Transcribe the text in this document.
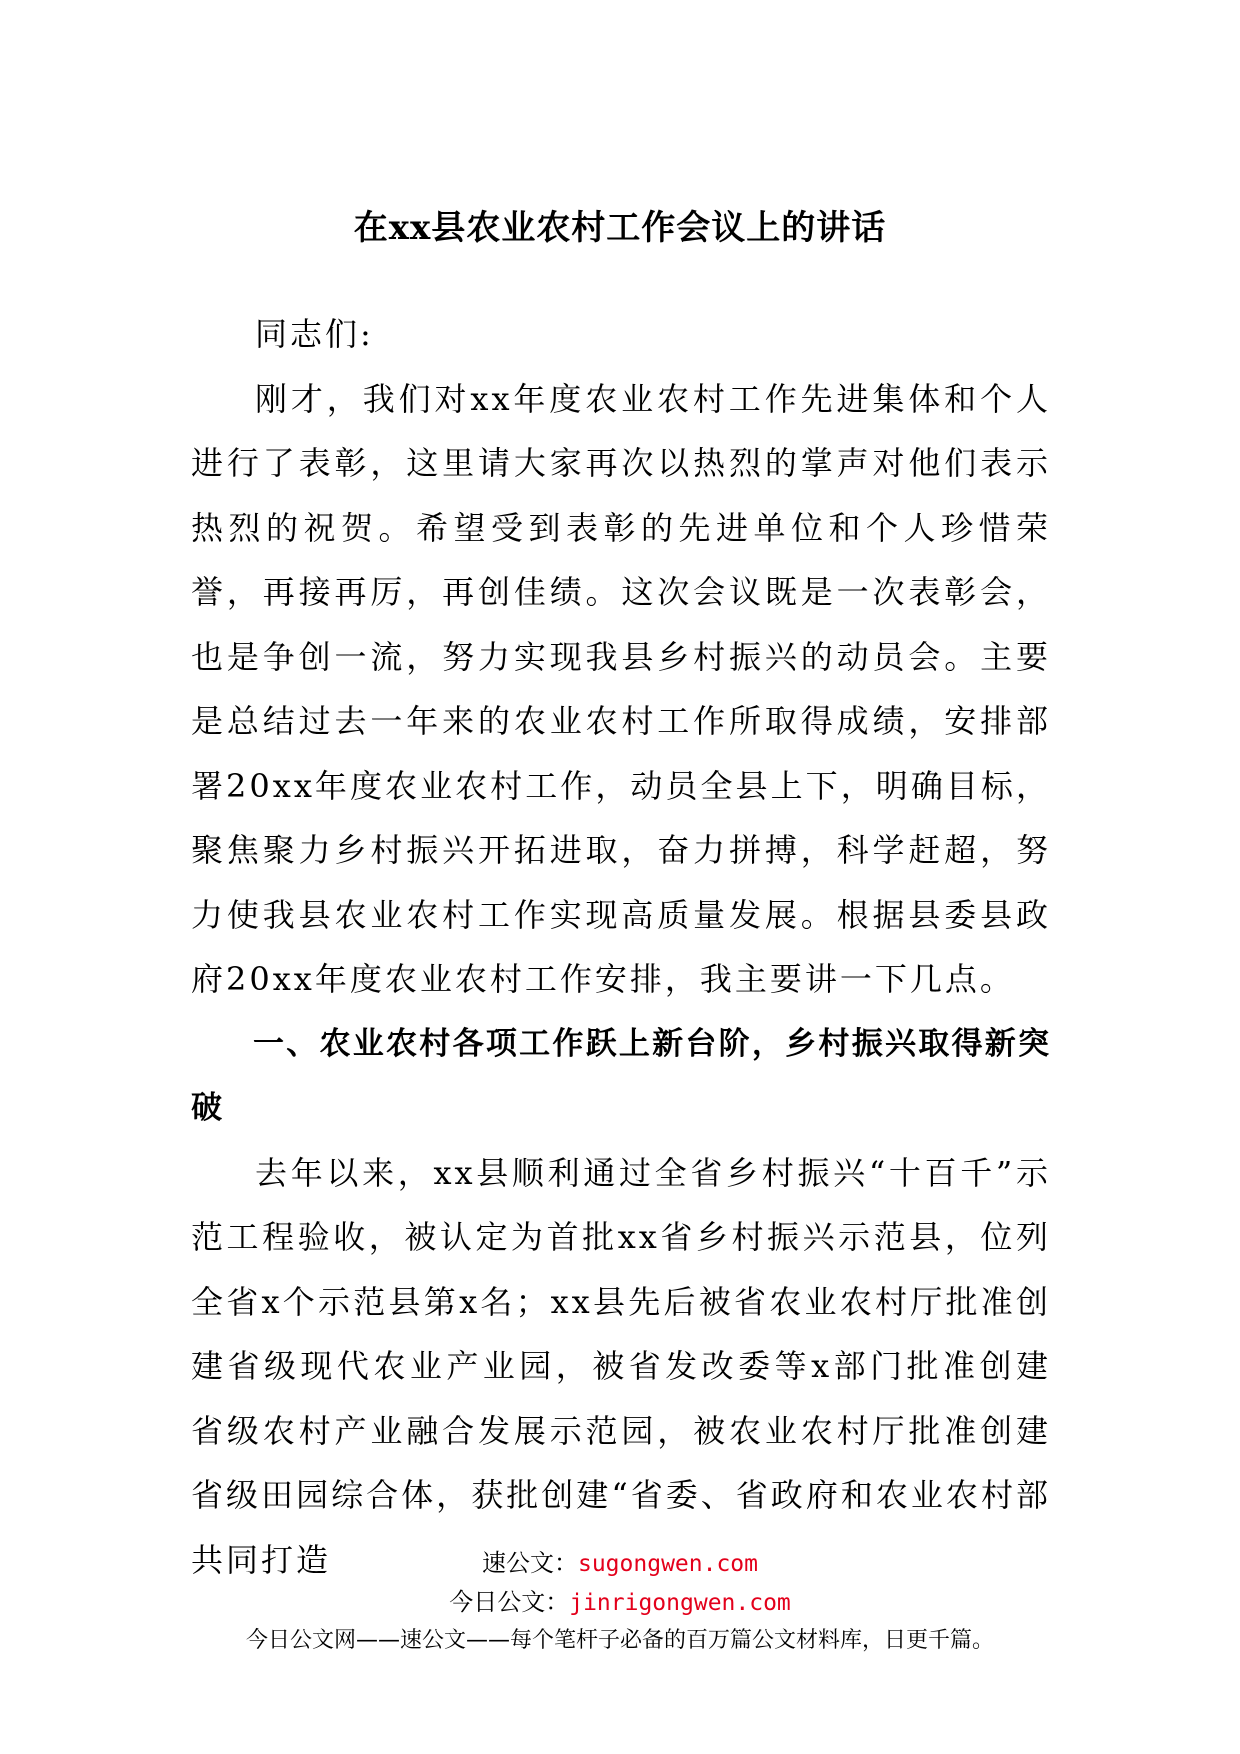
在xx县农业农村工作会议上的讲话

同志们:

刚才，我们对xx年度农业农村工作先进集体和个人进行了表彰，这里请大家再次以热烈的掌声对他们表示热烈的祝贺。希望受到表彰的先进单位和个人珍惜荣誉，再接再厉，再创佳绩。这次会议既是一次表彰会，也是争创一流，努力实现我县乡村振兴的动员会。主要是总结过去一年来的农业农村工作所取得成绩，安排部署20xx年度农业农村工作，动员全县上下，明确目标，聚焦聚力乡村振兴开拓进取，奋力拼搏，科学赶超，努力使我县农业农村工作实现高质量发展。根据县委县政府20xx年度农业农村工作安排，我主要讲一下几点。

一、农业农村各项工作跃上新台阶，乡村振兴取得新突破

去年以来，xx县顺利通过全省乡村振兴“十百千”示范工程验收，被认定为首批xx省乡村振兴示范县，位列全省x个示范县第x名；xx县先后被省农业农村厅批准创建省级现代农业产业园，被省发改委等x部门批准创建省级农村产业融合发展示范园，被农业农村厅批准创建省级田园综合体，获批创建“省委、省政府和农业农村部共同打造	速公文：sugongwen.com
今日公文：jinrigongwen.com
今日公文网——速公文——每个笔杆子必备的百万篇公文材料库，日更千篇。
